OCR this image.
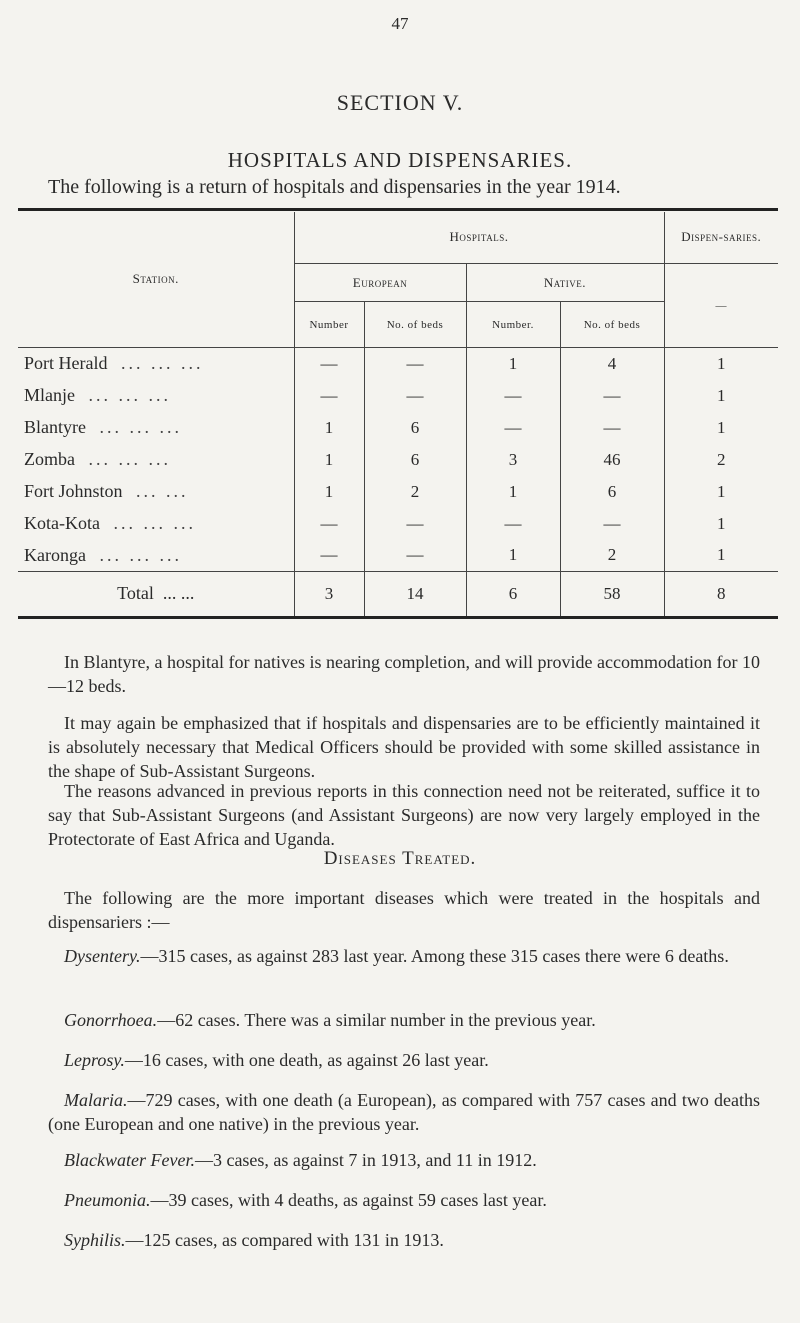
47
SECTION V.
HOSPITALS AND DISPENSARIES.
The following is a return of hospitals and dispensaries in the year 1914.

Station.	Hospitals.				Dispen-saries.
	European		Native.		—
	Number	No. of beds	Number.	No. of beds	
Port Herald ... ... ...	—	—	1	4	1
Mlanje ... ... ...	—	—	—	—	1
Blantyre ... ... ...	1	6	—	—	1
Zomba ... ... ...	1	6	3	46	2
Fort Johnston ... ...	1	2	1	6	1
Kota-Kota ... ... ...	—	—	—	—	1
Karonga ... ... ...	—	—	1	2	1
Total ... ...	3	14	6	58	8

In Blantyre, a hospital for natives is nearing completion, and will provide accommodation for 10—12 beds.

It may again be emphasized that if hospitals and dispensaries are to be efficiently maintained it is absolutely necessary that Medical Officers should be provided with some skilled assistance in the shape of Sub-Assistant Surgeons.

The reasons advanced in previous reports in this connection need not be reiterated, suffice it to say that Sub-Assistant Surgeons (and Assistant Surgeons) are now very largely employed in the Protectorate of East Africa and Uganda.

Diseases Treated.

The following are the more important diseases which were treated in the hospitals and dispensariers :—

Dysentery.—315 cases, as against 283 last year. Among these 315 cases there were 6 deaths.

Gonorrhoea.—62 cases. There was a similar number in the previous year.

Leprosy.—16 cases, with one death, as against 26 last year.

Malaria.—729 cases, with one death (a European), as compared with 757 cases and two deaths (one European and one native) in the previous year.

Blackwater Fever.—3 cases, as against 7 in 1913, and 11 in 1912.

Pneumonia.—39 cases, with 4 deaths, as against 59 cases last year.

Syphilis.—125 cases, as compared with 131 in 1913.
